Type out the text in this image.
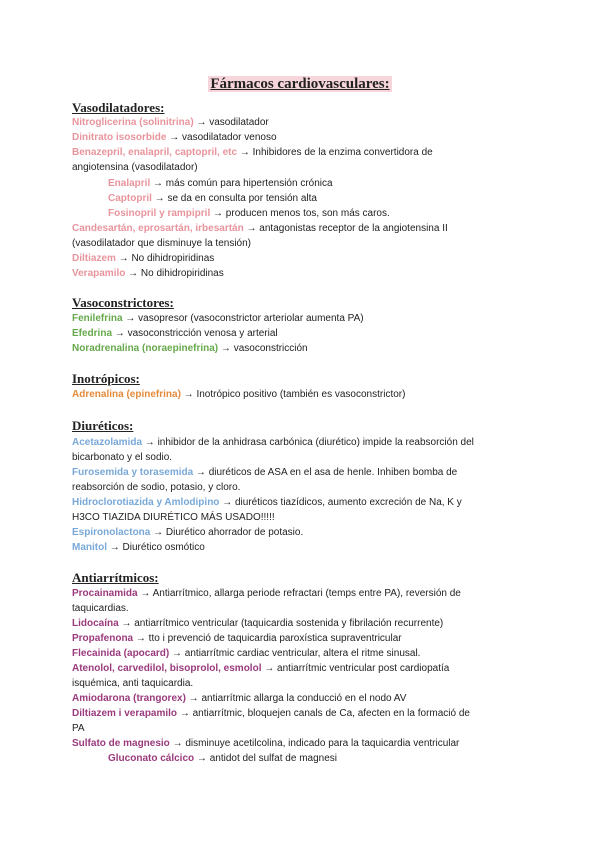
Fármacos cardiovasculares:
Vasodilatadores:
Nitroglicerina (solinitrina) → vasodilatador
Dinitrato isosorbide → vasodilatador venoso
Benazepril, enalapril, captopril, etc → Inhibidores de la enzima convertidora de
angiotensina (vasodilatador)
Enalapril → más común para hipertensión crónica
Captopril → se da en consulta por tensión alta
Fosinopril y rampipril → producen menos tos, son más caros.
Candesartán, eprosartán, irbesartán → antagonistas receptor de la angiotensina II
(vasodilatador que disminuye la tensión)
Diltiazem → No dihidropiridinas
Verapamilo → No dihidropiridinas
Vasoconstrictores:
Fenilefrina → vasopresor (vasoconstrictor arteriolar aumenta PA)
Efedrina → vasoconstricción venosa y arterial
Noradrenalina (noraepinefrina) → vasoconstricción
Inotrópicos:
Adrenalina (epinefrina) → Inotrópico positivo (también es vasoconstrictor)
Diuréticos:
Acetazolamida → inhibidor de la anhidrasa carbónica (diurético) impide la reabsorción del
bicarbonato y el sodio.
Furosemida y torasemida → diuréticos de ASA en el asa de henle. Inhiben bomba de
reabsorción de sodio, potasio, y cloro.
Hidroclorotiazida y Amlodipino → diuréticos tiazídicos, aumento excreción de Na, K y
H3CO TIAZIDA DIURÉTICO MÁS USADO!!!!!
Espironolactona → Diurético ahorrador de potasio.
Manitol → Diurético osmótico
Antiarrítmicos:
Procainamida → Antiarrítmico, allarga periode refractari (temps entre PA), reversión de
taquicardias.
Lidocaína → antiarrítmico ventricular (taquicardia sostenida y fibrilación recurrente)
Propafenona → tto i prevenció de taquicardia paroxística supraventricular
Flecainida (apocard) → antiarrítmic cardiac ventricular, altera el ritme sinusal.
Atenolol, carvedilol, bisoprolol, esmolol → antiarrítmic ventricular post cardiopatía
isquémica, anti taquicardia.
Amiodarona (trangorex) → antiarrítmic allarga la conducció en el nodo AV
Diltiazem i verapamilo → antiarrítmic, bloquejen canals de Ca, afecten en la formació de
PA
Sulfato de magnesio → disminuye acetilcolina, indicado para la taquicardia ventricular
Gluconato cálcico → antidot del sulfat de magnesi
